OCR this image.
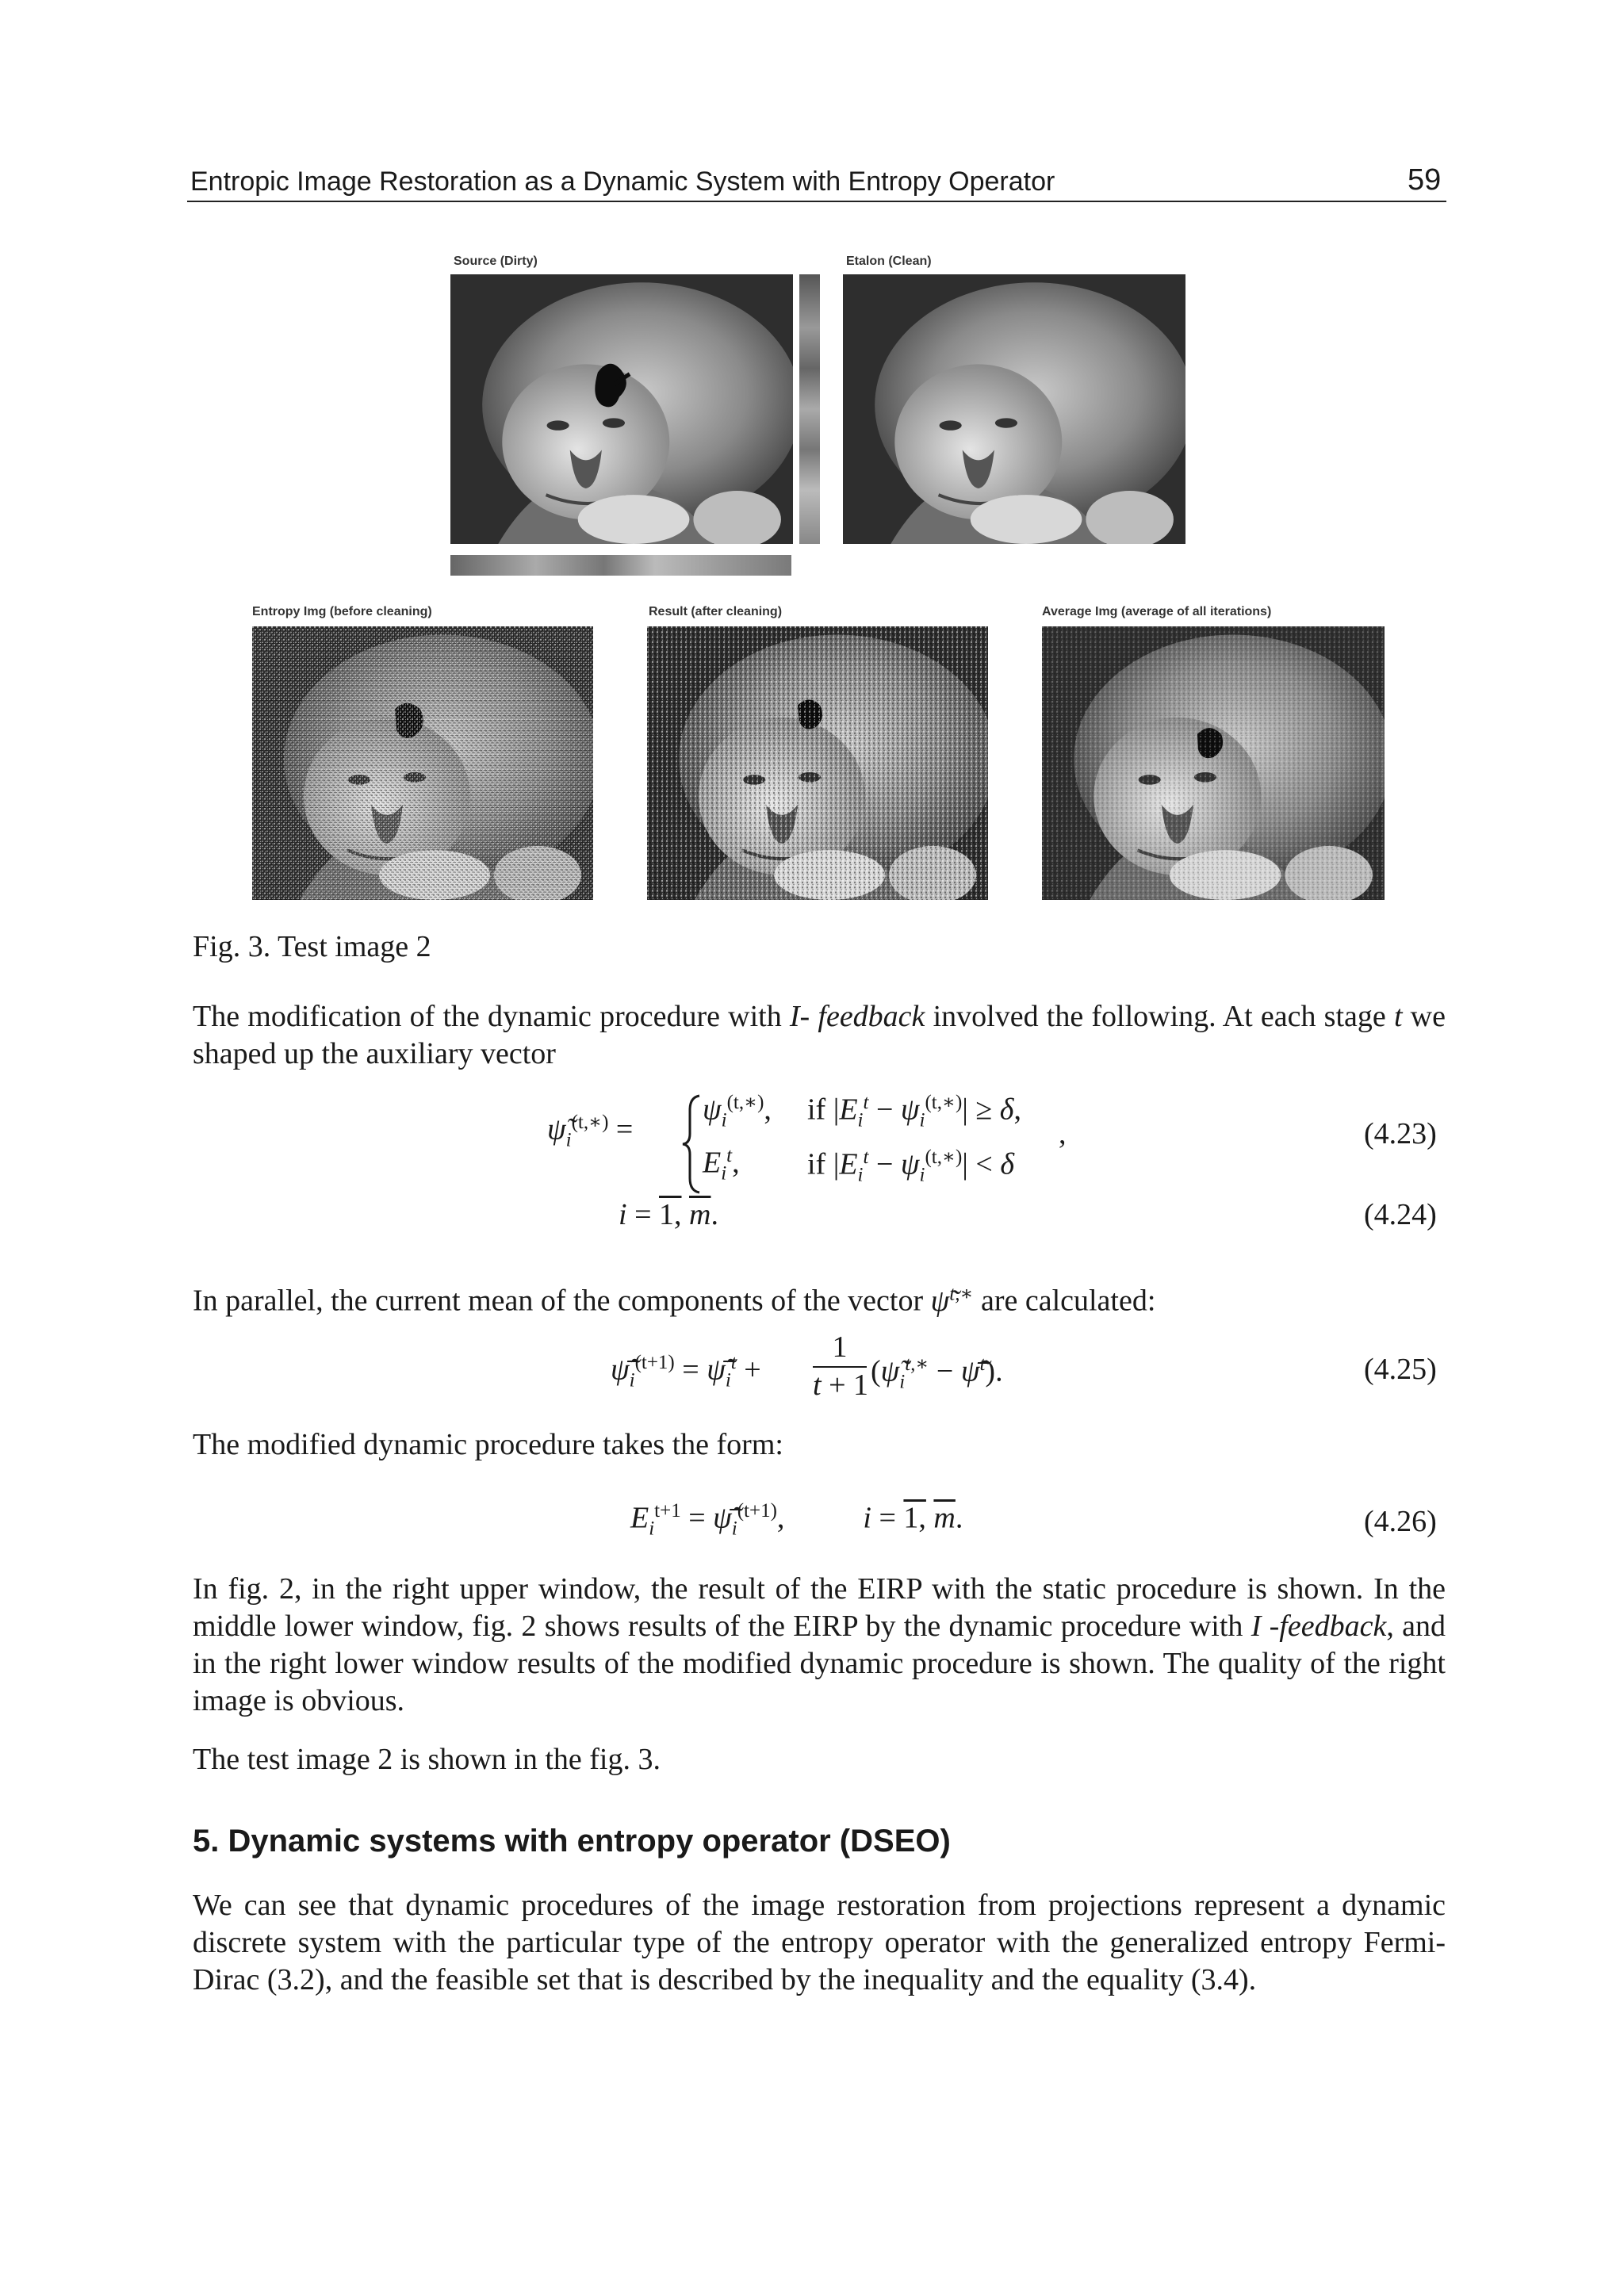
Entropic Image Restoration as a Dynamic System with Entropy Operator	59
Source (Dirty)	Etalon (Clean)
Entropy Img (before cleaning)	Result (after cleaning)	Average Img (average of all iterations)
Fig. 3. Test image 2
The modification of the dynamic procedure with I- feedback involved the following. At each stage t we shaped up the auxiliary vector
$\psĩ_i^{(t,∗)}$ =
$\psi_i^{(t,∗)}$, if $|E_i^t - \psi_i^{(t,∗)}| \ge \delta$,
$E_i^t$, if $|E_i^t - \psi_i^{(t,∗)}| < \delta$
,	(4.23)
i = 1, $\overline{m}$.	(4.24)
In parallel, the current mean of the components of the vector ψ̃$^{t,∗}$ are calculated:
$\psĩ̄_i^{(t+1)}$ = $\psĩ̄_i^t$ +
1
t + 1 ($\psĩ_i^{t,∗}$ − ψ̃̄$^t$).	(4.25)
The modified dynamic procedure takes the form:
$E_i^{t+1}$ = $\psĩ̄_i^{(t+1)}$,  i = 1, $\overline{m}$.	(4.26)
In fig. 2, in the right upper window, the result of the EIRP with the static procedure is shown. In the middle lower window, fig. 2 shows results of the EIRP by the dynamic procedure with I -feedback, and in the right lower window results of the modified dynamic procedure is shown. The quality of the right image is obvious.
The test image 2 is shown in the fig. 3.
5. Dynamic systems with entropy operator (DSEO)
We can see that dynamic procedures of the image restoration from projections represent a dynamic discrete system with the particular type of the entropy operator with the generalized entropy Fermi-Dirac (3.2), and the feasible set that is described by the inequality and the equality (3.4).
